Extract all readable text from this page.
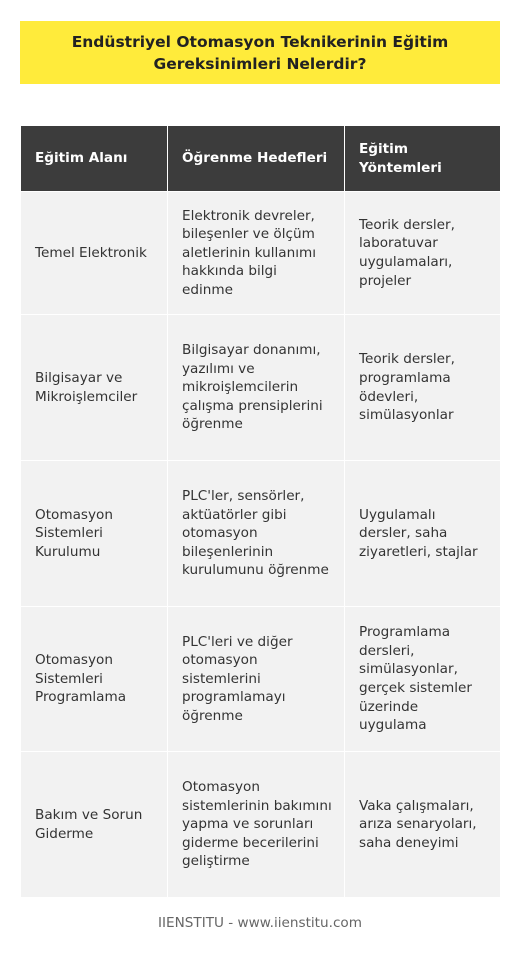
Endüstriyel Otomasyon Teknikerinin Eğitim Gereksinimleri Nelerdir?
Eğitim Alanı	Öğrenme Hedefleri	Eğitim Yöntemleri
Temel Elektronik	Elektronik devreler, bileşenler ve ölçüm aletlerinin kullanımı hakkında bilgi edinme	Teorik dersler, laboratuvar uygulamaları, projeler
Bilgisayar ve Mikroişlemciler	Bilgisayar donanımı, yazılımı ve mikroişlemcilerin çalışma prensiplerini öğrenme	Teorik dersler, programlama ödevleri, simülasyonlar
Otomasyon Sistemleri Kurulumu	PLC'ler, sensörler, aktüatörler gibi otomasyon bileşenlerinin kurulumunu öğrenme	Uygulamalı dersler, saha ziyaretleri, stajlar
Otomasyon Sistemleri Programlama	PLC'leri ve diğer otomasyon sistemlerini programlamayı öğrenme	Programlama dersleri, simülasyonlar, gerçek sistemler üzerinde uygulama
Bakım ve Sorun Giderme	Otomasyon sistemlerinin bakımını yapma ve sorunları giderme becerilerini geliştirme	Vaka çalışmaları, arıza senaryoları, saha deneyimi
IIENSTITU - www.iienstitu.com
